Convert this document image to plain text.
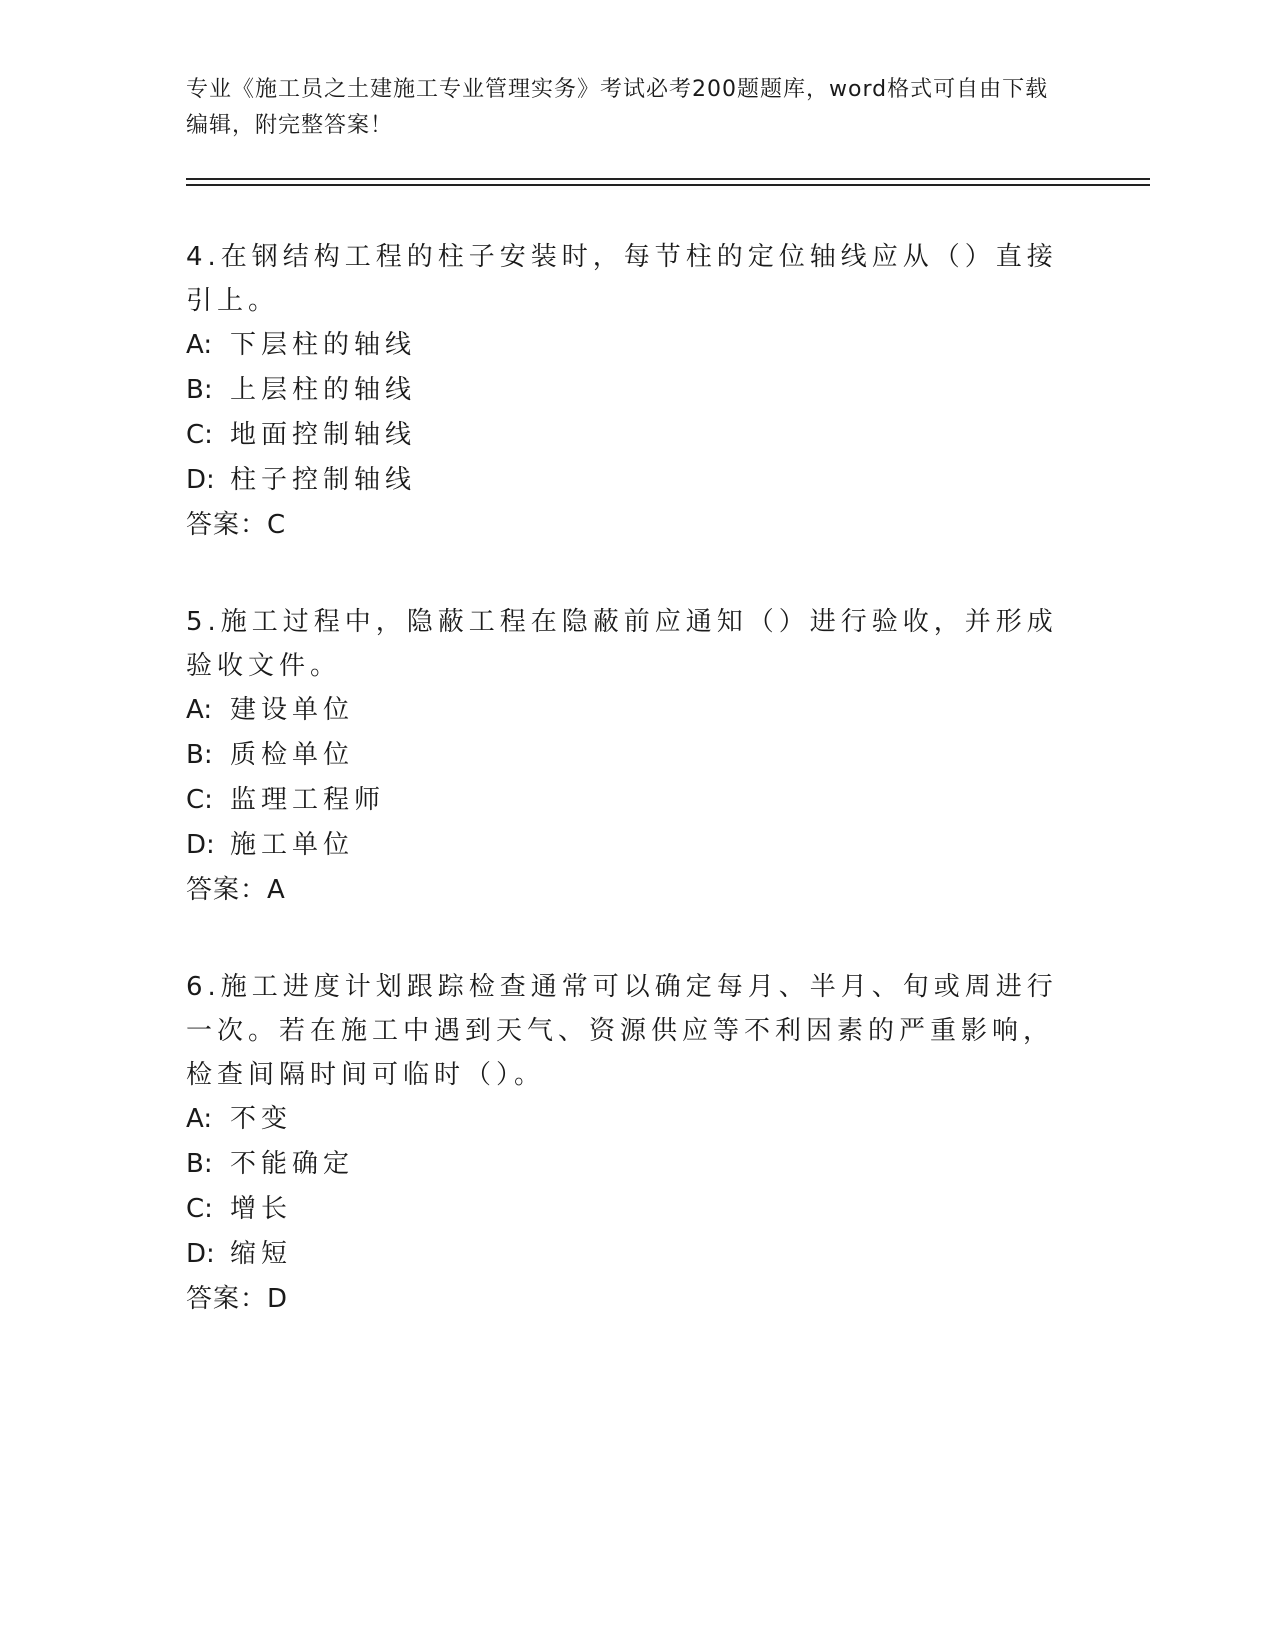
专业《施工员之土建施工专业管理实务》考试必考200题题库，word格式可自由下载编辑，附完整答案！

4.在钢结构工程的柱子安装时，每节柱的定位轴线应从（）直接引上。

A: 下层柱的轴线

B: 上层柱的轴线

C: 地面控制轴线

D: 柱子控制轴线

答案：C

5.施工过程中，隐蔽工程在隐蔽前应通知（）进行验收，并形成验收文件。

A: 建设单位

B: 质检单位

C: 监理工程师

D: 施工单位

答案：A

6.施工进度计划跟踪检查通常可以确定每月、半月、旬或周进行一次。若在施工中遇到天气、资源供应等不利因素的严重影响，检查间隔时间可临时（）。

A: 不变

B: 不能确定

C: 增长

D: 缩短

答案：D
